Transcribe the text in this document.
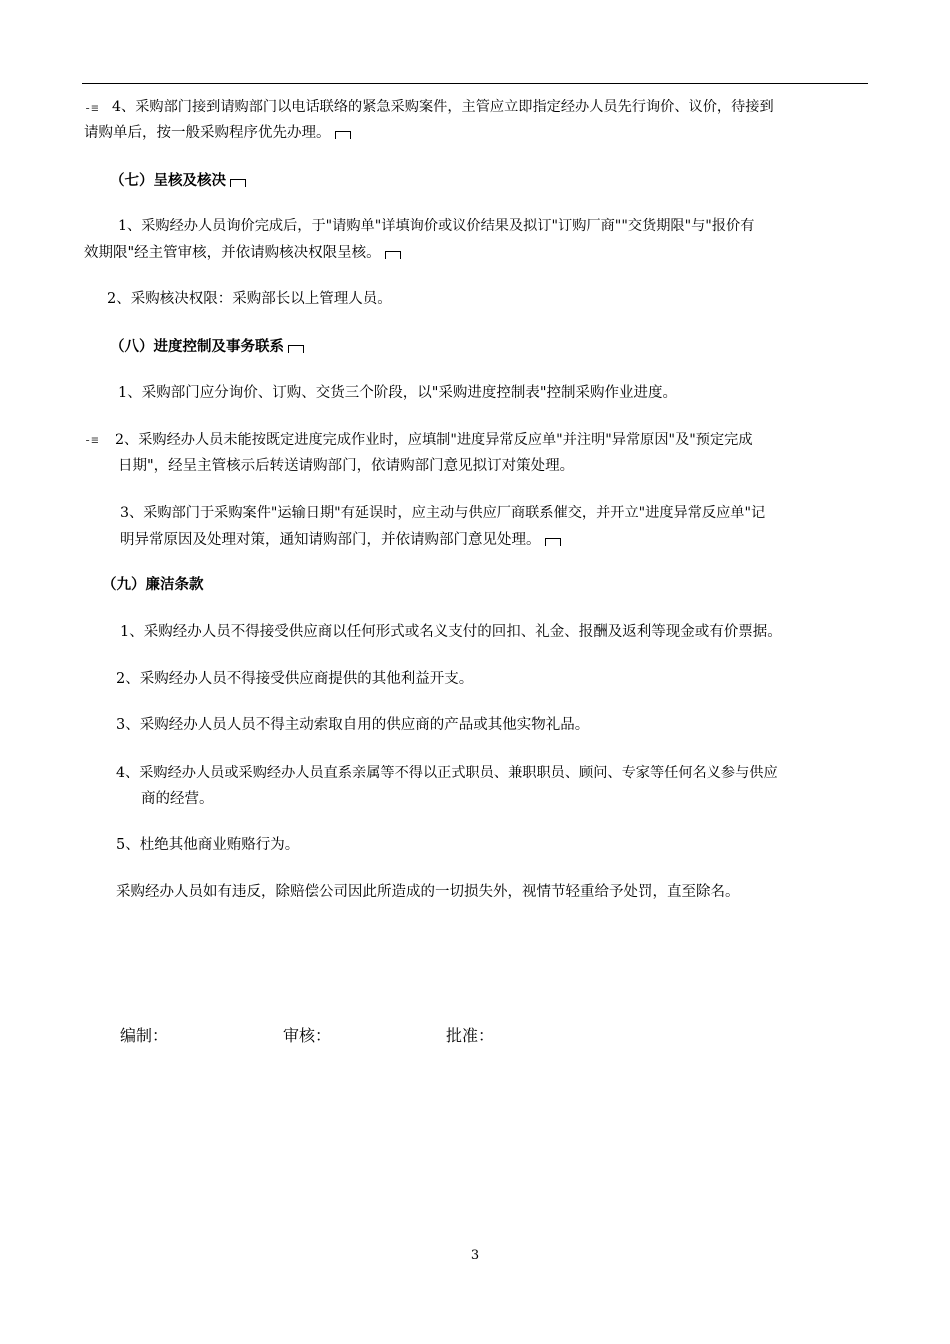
-≡ 4、采购部门接到请购部门以电话联络的紧急采购案件，主管应立即指定经办人员先行询价、议价，待接到
请购单后，按一般采购程序优先办理。
（七）呈核及核决
1、采购经办人员询价完成后，于"请购单"详填询价或议价结果及拟订"订购厂商""交货期限"与"报价有
效期限"经主管审核，并依请购核决权限呈核。
2、采购核决权限：采购部长以上管理人员。
（八）进度控制及事务联系
1、采购部门应分询价、订购、交货三个阶段，以"采购进度控制表"控制采购作业进度。
-≡ 2、采购经办人员未能按既定进度完成作业时，应填制"进度异常反应单"并注明"异常原因"及"预定完成
日期"，经呈主管核示后转送请购部门，依请购部门意见拟订对策处理。
3、采购部门于采购案件"运输日期"有延误时，应主动与供应厂商联系催交，并开立"进度异常反应单"记
明异常原因及处理对策，通知请购部门，并依请购部门意见处理。
（九）廉洁条款
1、采购经办人员不得接受供应商以任何形式或名义支付的回扣、礼金、报酬及返利等现金或有价票据。
2、采购经办人员不得接受供应商提供的其他利益开支。
3、采购经办人员人员不得主动索取自用的供应商的产品或其他实物礼品。
4、采购经办人员或采购经办人员直系亲属等不得以正式职员、兼职职员、顾问、专家等任何名义参与供应
商的经营。
5、杜绝其他商业贿赂行为。
采购经办人员如有违反，除赔偿公司因此所造成的一切损失外，视情节轻重给予处罚，直至除名。
编制：	审核：	批准：
3
